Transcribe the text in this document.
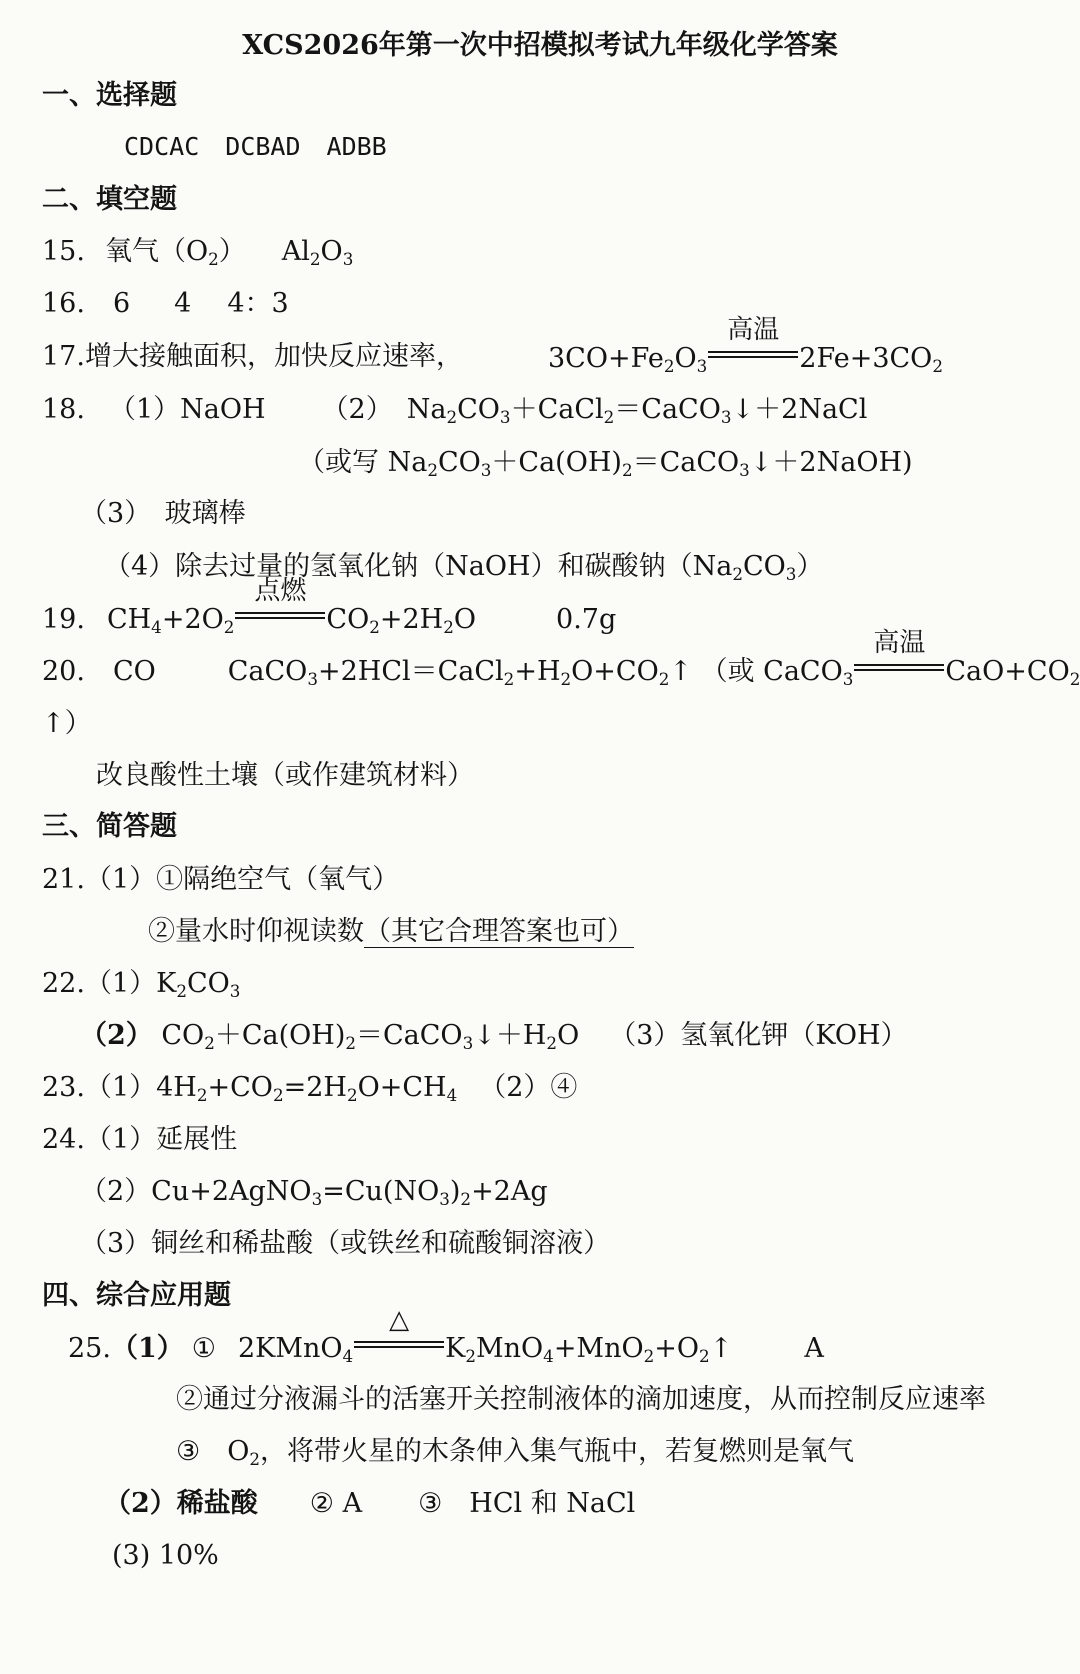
XCS2026年第一次中招模拟考试九年级化学答案
一、选择题
CDCAC DCBAD ADBB
二、填空题
15. 氧气$(O_2)$ $Al_2O_3$
16. 6 4 4：3
17.增大接触面积，加快反应速率，	$3CO+Fe_2O_3$
高温
$2Fe+3CO_2$
18. （1）NaOH （2） $Na_2CO_3+CaCl_2=CaCO_3↓+2NaCl$
（或写 $Na_2CO_3+Ca(OH)_2=CaCO_3↓+2NaOH$)
（3）　玻璃棒
（4）除去过量的氢氧化钠（NaOH）和碳酸钠$(Na_2CO_3)$
19. $CH_4+2O_2$
点燃
$CO_2+2H_2O$	0.7g
20. CO	$CaCO_3+2HCl=CaCl_2+H_2O+CO_2↑$ （或 CaCO$_3$
高温
$CaO+CO_2$
↑）
改良酸性土壤（或作建筑材料）
三、简答题
21.（1）①隔绝空气（氧气）
②量水时仰视读数（其它合理答案也可）
$22.(1)K_2CO_3$
（2） $CO_2+Ca(OH)_2=CaCO_3↓+H_2O$ （3）氢氧化钾（KOH）
$23.(1)4H_2+CO_2=2H_2O+CH_4$ （2）④
24.（1）延展性
$(2)Cu+2AgNO_3=Cu(NO_3)_2+2Ag$
（3）铜丝和稀盐酸（或铁丝和硫酸铜溶液）
四、综合应用题
25.（1） ① 2KMnO$_4$
△
$K_2MnO_4+MnO_2+O_2↑$	A
②通过分液漏斗的活塞开关控制液体的滴加速度，从而控制反应速率
③　$O_2$，将带火星的木条伸入集气瓶中，若复燃则是氧气
（2）稀盐酸 ② A ③　HCl 和 NaCl
(3) 10%
